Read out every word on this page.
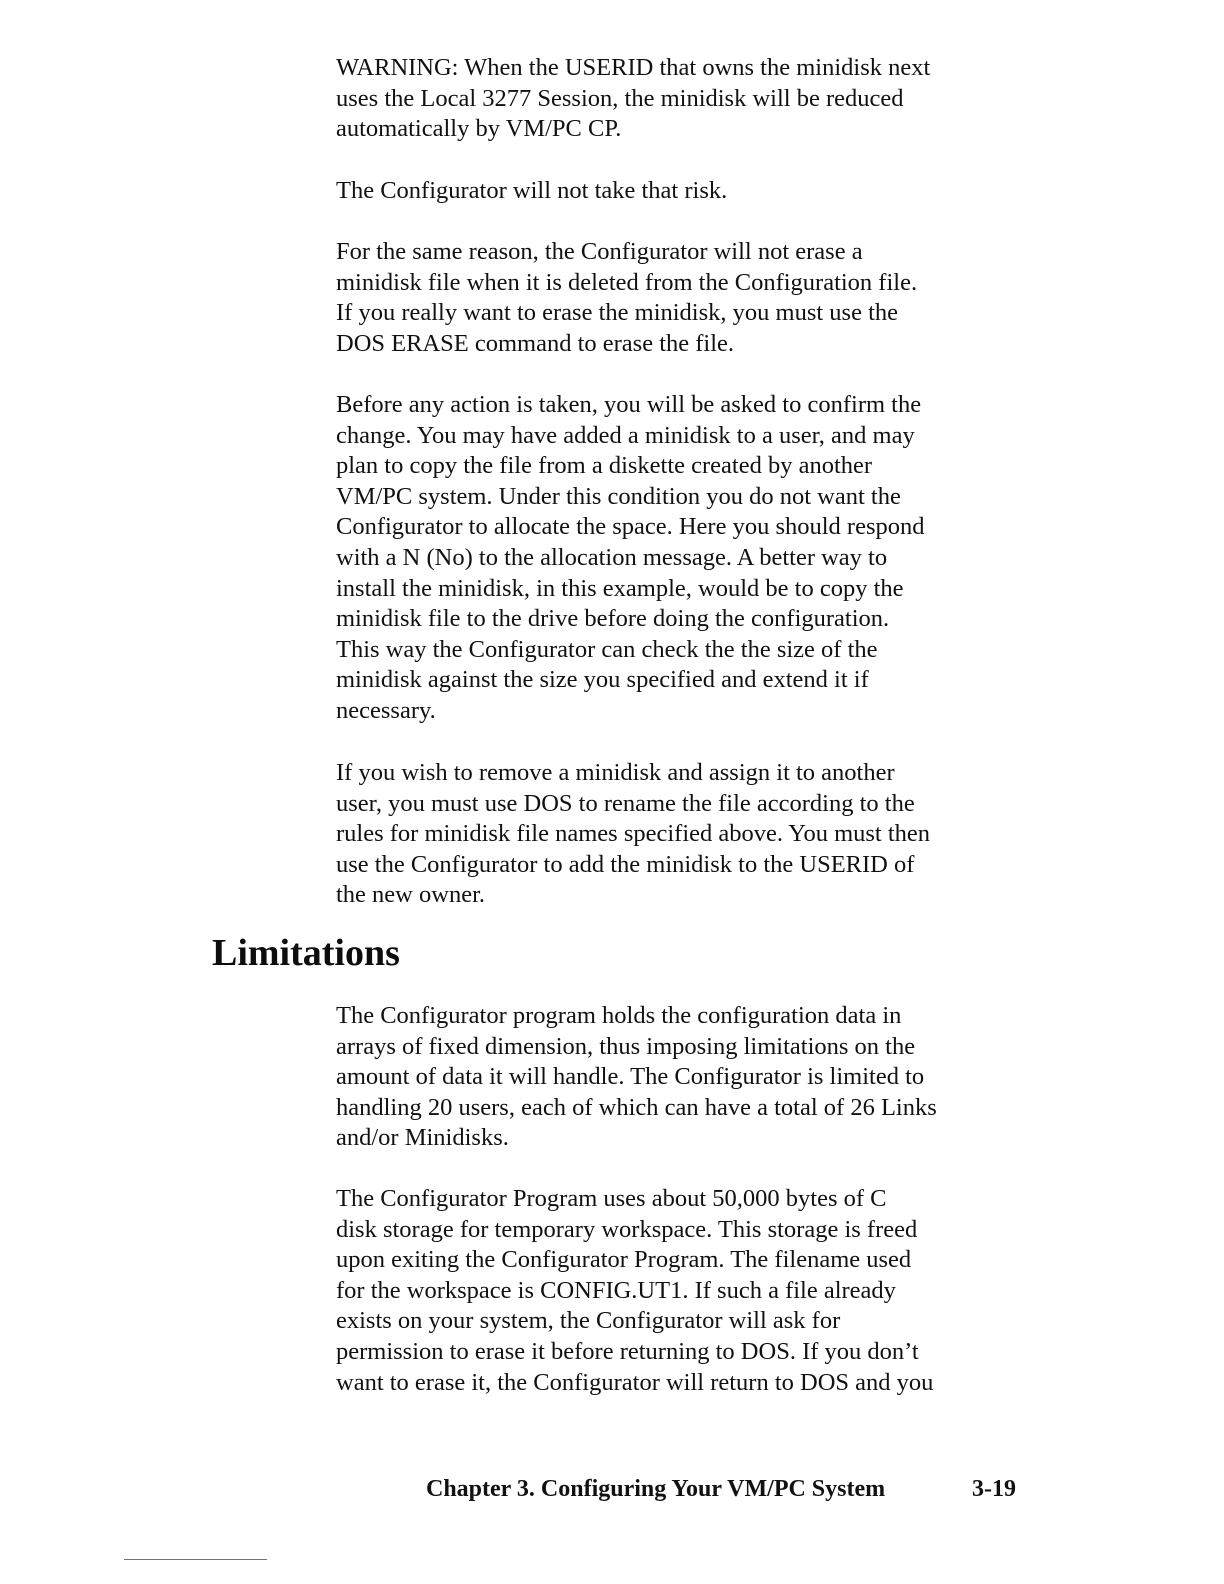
WARNING: When the USERID that owns the minidisk next
uses the Local 3277 Session, the minidisk will be reduced
automatically by VM/PC CP.
The Configurator will not take that risk.
For the same reason, the Configurator will not erase a
minidisk file when it is deleted from the Configuration file.
If you really want to erase the minidisk, you must use the
DOS ERASE command to erase the file.
Before any action is taken, you will be asked to confirm the
change. You may have added a minidisk to a user, and may
plan to copy the file from a diskette created by another
VM/PC system. Under this condition you do not want the
Configurator to allocate the space. Here you should respond
with a N (No) to the allocation message. A better way to
install the minidisk, in this example, would be to copy the
minidisk file to the drive before doing the configuration.
This way the Configurator can check the the size of the
minidisk against the size you specified and extend it if
necessary.
If you wish to remove a minidisk and assign it to another
user, you must use DOS to rename the file according to the
rules for minidisk file names specified above. You must then
use the Configurator to add the minidisk to the USERID of
the new owner.
Limitations
The Configurator program holds the configuration data in
arrays of fixed dimension, thus imposing limitations on the
amount of data it will handle. The Configurator is limited to
handling 20 users, each of which can have a total of 26 Links
and/or Minidisks.
The Configurator Program uses about 50,000 bytes of C
disk storage for temporary workspace. This storage is freed
upon exiting the Configurator Program. The filename used
for the workspace is CONFIG.UT1. If such a file already
exists on your system, the Configurator will ask for
permission to erase it before returning to DOS. If you don’t
want to erase it, the Configurator will return to DOS and you
Chapter 3. Configuring Your VM/PC System	3-19
